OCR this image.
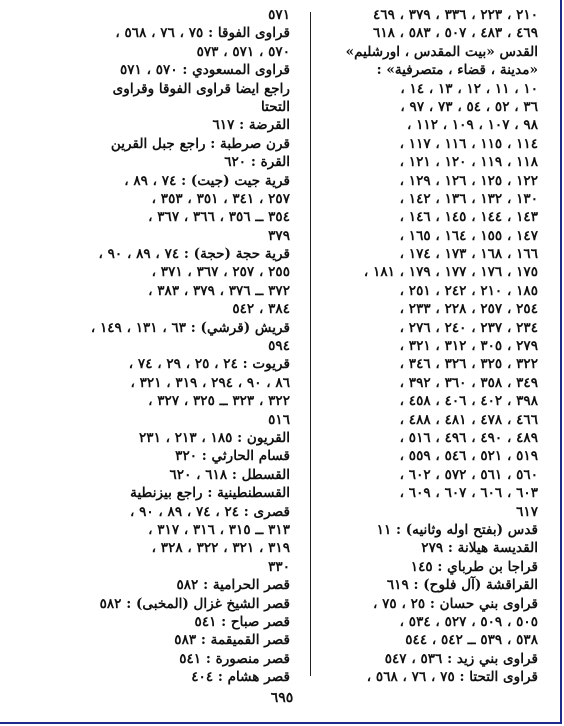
٢١٠ ، ٢٢٣ ، ٣٣٦ ، ٣٧٩ ، ٤٦٩
٤٦٩ ، ٤٨٣ ، ٥٠٧ ، ٥٨٣ ، ٦١٨
القدس «بيت المقدس ، اورشليم»
«مدينة ، قضاء ، متصرفية» :
١٠ ، ١١ ، ١٢ ، ١٣ ، ١٤ ،
٣٦ ، ٥٢ ، ٥٤ ، ٧٣ ، ٩٧ ،
٩٨ ، ١٠٧ ، ١٠٩ ، ١١٢ ،
١١٤ ، ١١٥ ، ١١٦ ، ١١٧ ،
١١٨ ، ١١٩ ، ١٢٠ ، ١٢١ ،
١٢٢ ، ١٢٥ ، ١٢٦ ، ١٢٩ ،
١٣٠ ، ١٣٢ ، ١٣٦ ، ١٤٢ ،
١٤٣ ، ١٤٤ ، ١٤٥ ، ١٤٦ ،
١٤٧ ، ١٥٥ ، ١٦٤ ، ١٦٥ ،
١٦٦ ، ١٦٨ ، ١٧٣ ، ١٧٤ ،
١٧٥ ، ١٧٦ ، ١٧٧ ، ١٧٩ ، ١٨١ ،
١٨٥ ، ٢١٠ ، ٢٤٢ ، ٢٥١ ،
٢٥٤ ، ٢٥٧ ، ٢٢٨ ، ٢٣٣ ،
٢٣٤ ، ٢٣٧ ، ٢٤٠ ، ٢٧٦ ،
٢٧٩ ، ٣٠٥ ، ٣١٢ ، ٣٢١ ،
٣٢٢ ، ٣٢٥ ، ٣٢٦ ، ٣٤٦ ،
٣٤٩ ، ٣٥٨ ، ٣٦٠ ، ٣٩٢ ،
٣٩٨ ، ٤٠٢ ، ٤٠٦ ، ٤٥٨ ،
٤٦٦ ، ٤٧٨ ، ٤٨١ ، ٤٨٨ ،
٤٨٩ ، ٤٩٠ ، ٤٩٦ ، ٥١٦ ،
٥١٩ ، ٥٢١ ، ٥٤٦ ، ٥٥٩ ،
٥٦٠ ، ٥٦١ ، ٥٧٢ ، ٦٠٢ ،
٦٠٣ ، ٦٠٦ ، ٦٠٧ ، ٦٠٩ ،
٦١٧
قدس (بفتح اوله وثانيه) : ١١
القديسة هيلانة : ٢٧٩
قراجا بن طرباي : ١٤٥
القراقشة (آل فلوح) : ٦١٩
قراوى بني حسان : ٢٥ ، ٧٥ ،
٥٠٥ ، ٥٠٩ ، ٥٢٧ ، ٥٣٤ ،
٥٣٨ ، ٥٣٩ ــ ٥٤٢ ، ٥٤٤
قراوى بني زيد : ٥٣٦ ، ٥٤٧
قراوى التحتا : ٧٥ ، ٧٦ ، ٥٦٨ ،
٥٧١
قراوى الفوقا : ٧٥ ، ٧٦ ، ٥٦٨ ،
٥٧٠ ، ٥٧١ ، ٥٧٣
قراوى المسعودي : ٥٧٠ ، ٥٧١
راجع ايضا قراوى الفوقا وقراوى
التحتا
القرضة : ٦١٧
قرن صرطبة : راجع جبل القرين
القرة : ٦٢٠
قرية جيت (جيت) : ٧٤ ، ٨٩ ،
٢٥٧ ، ٣٤١ ، ٣٥١ ، ٣٥٣ ،
٣٥٤ ــ ٣٥٦ ، ٣٦٦ ، ٣٦٧ ،
٣٧٩
قرية حجة (حجة) : ٧٤ ، ٨٩ ، ٩٠ ،
٢٥٥ ، ٢٥٧ ، ٣٦٧ ، ٣٧١ ،
٣٧٢ ــ ٣٧٦ ، ٣٧٩ ، ٣٨٣ ،
٣٨٤ ، ٥٤٢
قريش (قرشي) : ٦٣ ، ١٣١ ، ١٤٩ ،
٥٩٤
قريوت : ٢٤ ، ٢٥ ، ٢٩ ، ٧٤ ،
٨٦ ، ٩٠ ، ٢٩٤ ، ٣١٩ ، ٣٢١ ،
٣٢٢ ، ٣٢٣ ــ ٣٢٥ ، ٣٢٧ ،
٥١٦
القريون : ١٨٥ ، ٢١٣ ، ٢٣١
قسام الحارثي : ٣٢٠
القسطل : ٦١٨ ، ٦٢٠
القسطنطينية : راجع بيزنطية
قصرى : ٢٤ ، ٧٤ ، ٨٩ ، ٩٠ ،
٣١٣ ــ ٣١٥ ، ٣١٦ ، ٣١٧ ،
٣١٩ ، ٣٢١ ، ٣٢٢ ، ٣٢٨ ،
٣٣٠
قصر الحرامية : ٥٨٢
قصر الشيخ غزال (المخبى) : ٥٨٢
قصر صباح : ٥٤١
قصر القميقمة : ٥٨٣
قصر منصورة : ٥٤١
قصر هشام : ٤٠٤
٦٩٥
